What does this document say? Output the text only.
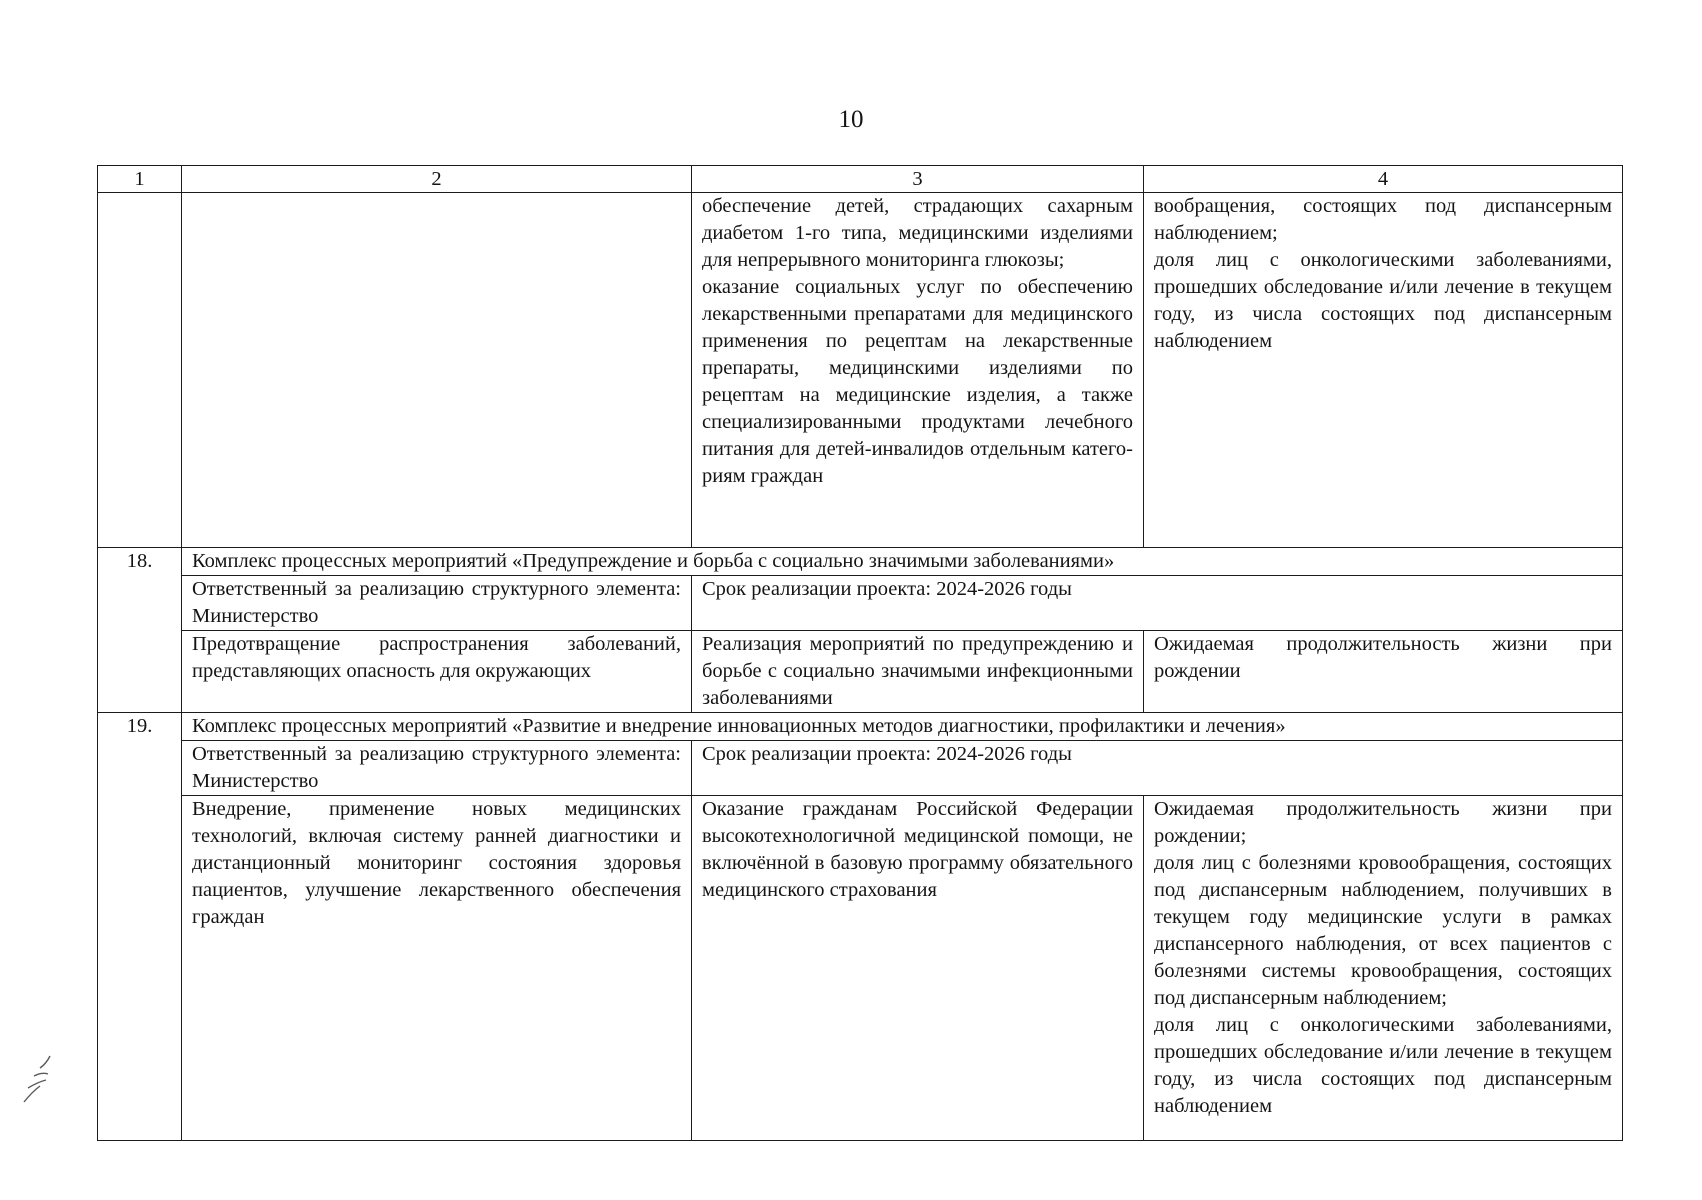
10
1	2	3	4

		обеспечение детей, страдающих сахарным диабетом 1-го типа, медицинскими изделиями для непрерывного мониторинга глюкозы;
оказание социальных услуг по обеспечению лекарственными препаратами для медицинского применения по рецептам на лекарственные препараты, медицинскими изделиями по рецептам на медицинские изделия, а также специализированными продуктами лечебного питания для детей-инвалидов отдельным категориям граждан	вообращения, состоящих под диспансерным наблюдением;
доля лиц с онкологическими заболеваниями, прошедших обследование и/или лечение в текущем году, из числа состоящих под диспансерным наблюдением

18.	Комплекс процессных мероприятий «Предупреждение и борьба с социально значимыми заболеваниями»		
	Ответственный за реализацию структурного элемента: Министерство	Срок реализации проекта: 2024-2026 годы	
	Предотвращение распространения заболеваний, представляющих опасность для окружающих	Реализация мероприятий по предупреждению и борьбе с социально значимыми инфекционными заболеваниями	Ожидаемая продолжительность жизни при рождении

19.	Комплекс процессных мероприятий «Развитие и внедрение инновационных методов диагностики, профилактики и лечения»		
	Ответственный за реализацию структурного элемента: Министерство	Срок реализации проекта: 2024-2026 годы	
	Внедрение, применение новых медицинских технологий, включая систему ранней диагностики и дистанционный мониторинг состояния здоровья пациентов, улучшение лекарственного обеспечения граждан	Оказание гражданам Российской Федерации высокотехнологичной медицинской помощи, не включённой в базовую программу обязательного медицинского страхования	Ожидаемая продолжительность жизни при рождении;
доля лиц с болезнями кровообращения, состоящих под диспансерным наблюдением, получивших в текущем году медицинские услуги в рамках диспансерного наблюдения, от всех пациентов с болезнями системы кровообращения, состоящих под диспансерным наблюдением;
доля лиц с онкологическими заболеваниями, прошедших обследование и/или лечение в текущем году, из числа состоящих под диспансерным наблюдением
